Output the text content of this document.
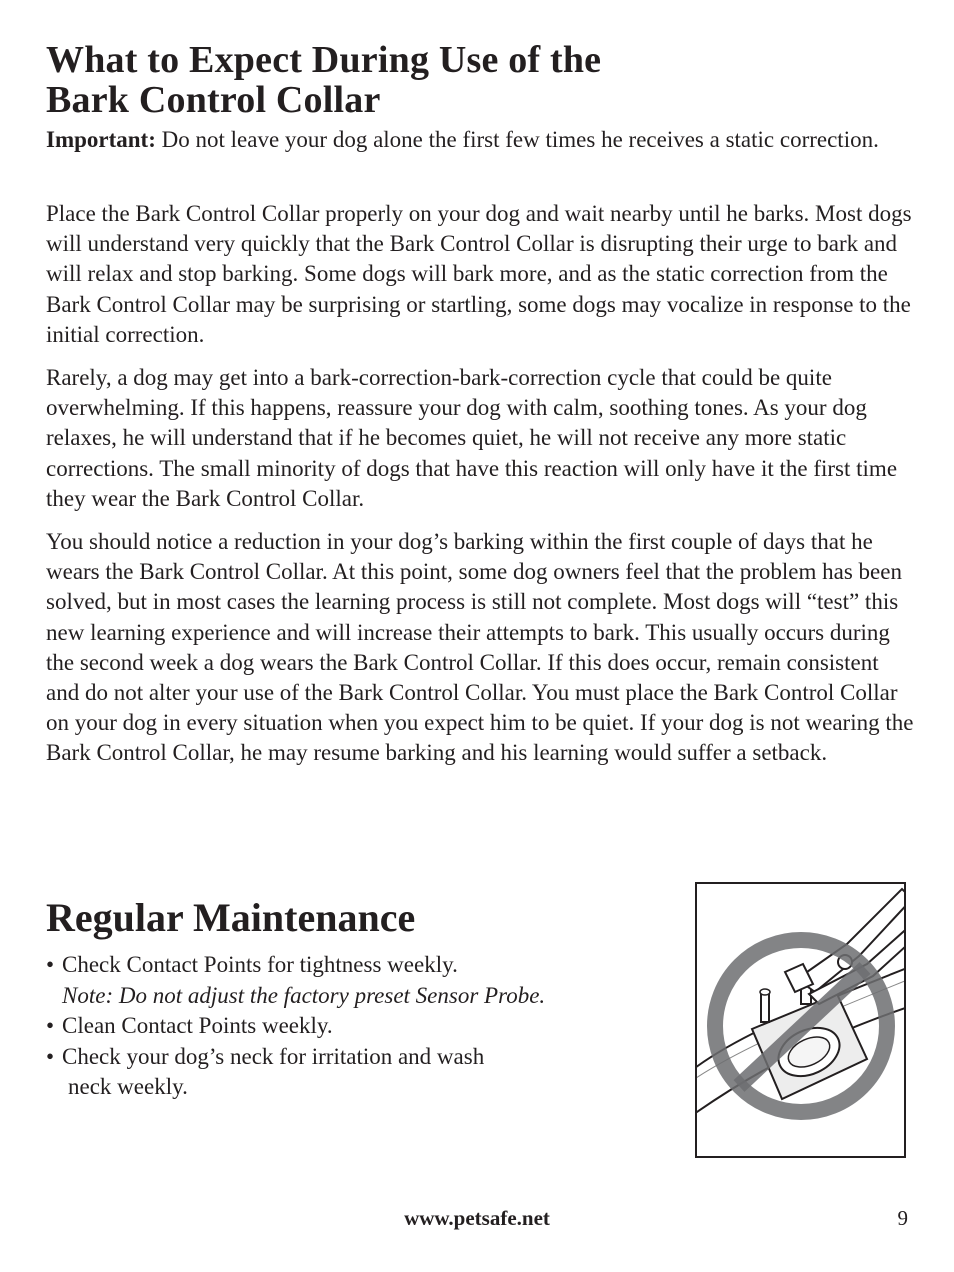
What to Expect During Use of the
Bark Control Collar

Important: Do not leave your dog alone the first few times he receives a static correction.

Place the Bark Control Collar properly on your dog and wait nearby until he barks. Most dogs will understand very quickly that the Bark Control Collar is disrupting their urge to bark and will relax and stop barking. Some dogs will bark more, and as the static correction from the Bark Control Collar may be surprising or startling, some dogs may vocalize in response to the initial correction.

Rarely, a dog may get into a bark-correction-bark-correction cycle that could be quite overwhelming. If this happens, reassure your dog with calm, soothing tones. As your dog relaxes, he will understand that if he becomes quiet, he will not receive any more static corrections. The small minority of dogs that have this reaction will only have it the first time they wear the Bark Control Collar.

You should notice a reduction in your dog’s barking within the first couple of days that he wears the Bark Control Collar. At this point, some dog owners feel that the problem has been solved, but in most cases the learning process is still not complete. Most dogs will “test” this new learning experience and will increase their attempts to bark. This usually occurs during the second week a dog wears the Bark Control Collar. If this does occur, remain consistent and do not alter your use of the Bark Control Collar. You must place the Bark Control Collar on your dog in every situation when you expect him to be quiet. If your dog is not wearing the Bark Control Collar, he may resume barking and his learning would suffer a setback.

Regular Maintenance
• Check Contact Points for tightness weekly.
Note: Do not adjust the factory preset Sensor Probe.
• Clean Contact Points weekly.
• Check your dog’s neck for irritation and wash
neck weekly.
www.petsafe.net	9
